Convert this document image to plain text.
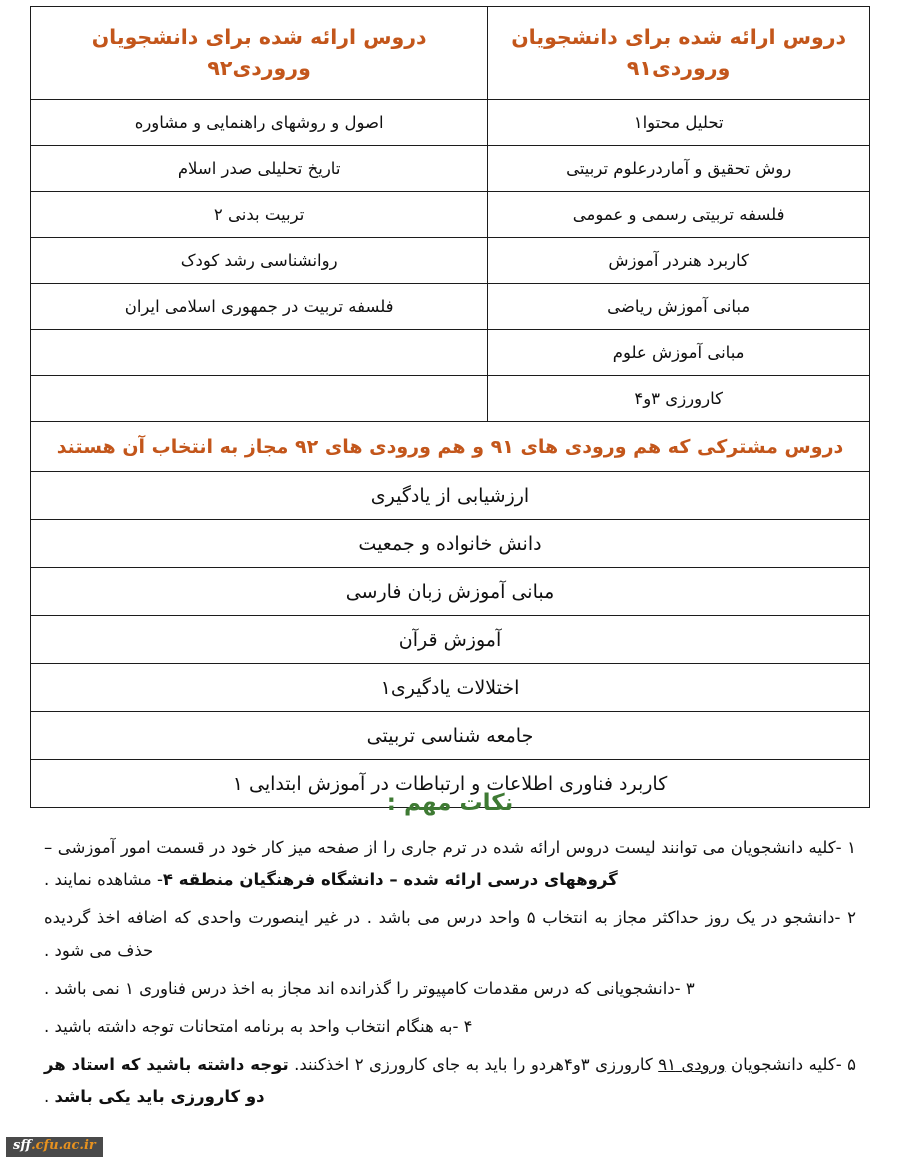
دروس ارائه شده برای دانشجویان وروردی۹۱	دروس ارائه شده برای دانشجویان وروردی۹۲

تحلیل محتوا۱	اصول و روشهای راهنمایی و مشاوره
روش تحقیق و آماردرعلوم تربیتی	تاریخ تحلیلی صدر اسلام
فلسفه تربیتی رسمی و عمومی	تربیت بدنی ۲
کاربرد هنردر آموزش	روانشناسی رشد کودک
مبانی آموزش ریاضی	فلسفه تربیت در جمهوری اسلامی ایران
مبانی آموزش علوم	
کارورزی ۳و۴	
دروس مشترکی که هم ورودی های ۹۱ و هم ورودی های ۹۲ مجاز به انتخاب آن هستند	
ارزشیابی از یادگیری	
دانش خانواده و جمعیت	
مبانی آموزش زبان فارسی	
آموزش قرآن	
اختلالات یادگیری۱	
جامعه شناسی تربیتی	
کاربرد فناوری اطلاعات و ارتباطات در آموزش ابتدایی ۱	
نکات مهم :
۱ -کلیه دانشجویان می توانند لیست دروس ارائه شده در ترم جاری را از صفحه میز کار خود در قسمت امور آموزشی – گروههای درسی ارائه شده – دانشگاه فرهنگیان منطقه ۴- مشاهده نمایند .
۲ -دانشجو در یک روز حداکثر مجاز به انتخاب ۵ واحد درس می باشد . در غیر اینصورت واحدی که اضافه اخذ گردیده حذف می شود .
۳ -دانشجویانی که درس مقدمات کامپیوتر را گذرانده اند مجاز به اخذ درس فناوری ۱ نمی باشد .
۴ -به هنگام انتخاب واحد به برنامه امتحانات توجه داشته باشید .
۵ -کلیه دانشجویان ورودی ۹۱ کارورزی ۳و۴هردو را باید به جای کارورزی ۲ اخذکنند. توجه داشته باشید که استاد هر دو کارورزی باید یکی باشد .
sff.cfu.ac.ir
